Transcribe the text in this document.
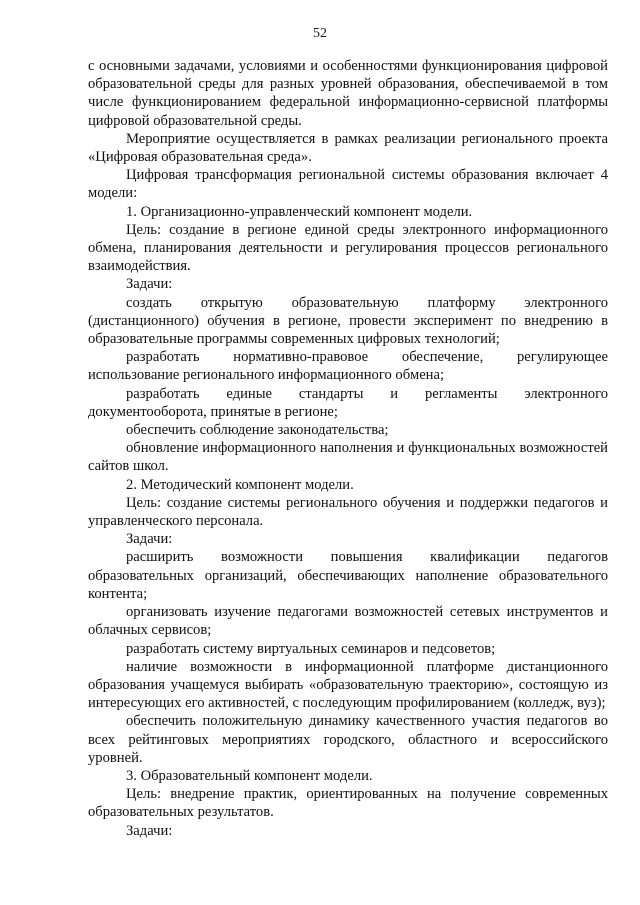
52

с основными задачами, условиями и особенностями функционирования цифровой образовательной среды для разных уровней образования, обеспечиваемой в том числе функционированием федеральной информационно-сервисной платформы цифровой образовательной среды.

Мероприятие осуществляется в рамках реализации регионального проекта «Цифровая образовательная среда».

Цифровая трансформация региональной системы образования включает 4 модели:

1. Организационно-управленческий компонент модели.

Цель: создание в регионе единой среды электронного информационного обмена, планирования деятельности и регулирования процессов регионального взаимодействия.

Задачи:

создать открытую образовательную платформу электронного (дистанционного) обучения в регионе, провести эксперимент по внедрению в образовательные программы современных цифровых технологий;

разработать нормативно-правовое обеспечение, регулирующее использование регионального информационного обмена;

разработать единые стандарты и регламенты электронного документооборота, принятые в регионе;

обеспечить соблюдение законодательства;

обновление информационного наполнения и функциональных возможностей сайтов школ.

2. Методический компонент модели.

Цель: создание системы регионального обучения и поддержки педагогов и управленческого персонала.

Задачи:

расширить возможности повышения квалификации педагогов образовательных организаций, обеспечивающих наполнение образовательного контента;

организовать изучение педагогами возможностей сетевых инструментов и облачных сервисов;

разработать систему виртуальных семинаров и педсоветов;

наличие возможности в информационной платформе дистанционного образования учащемуся выбирать «образовательную траекторию», состоящую из интересующих его активностей, с последующим профилированием (колледж, вуз);

обеспечить положительную динамику качественного участия педагогов во всех рейтинговых мероприятиях городского, областного и всероссийского уровней.

3. Образовательный компонент модели.

Цель: внедрение практик, ориентированных на получение современных образовательных результатов.

Задачи:
